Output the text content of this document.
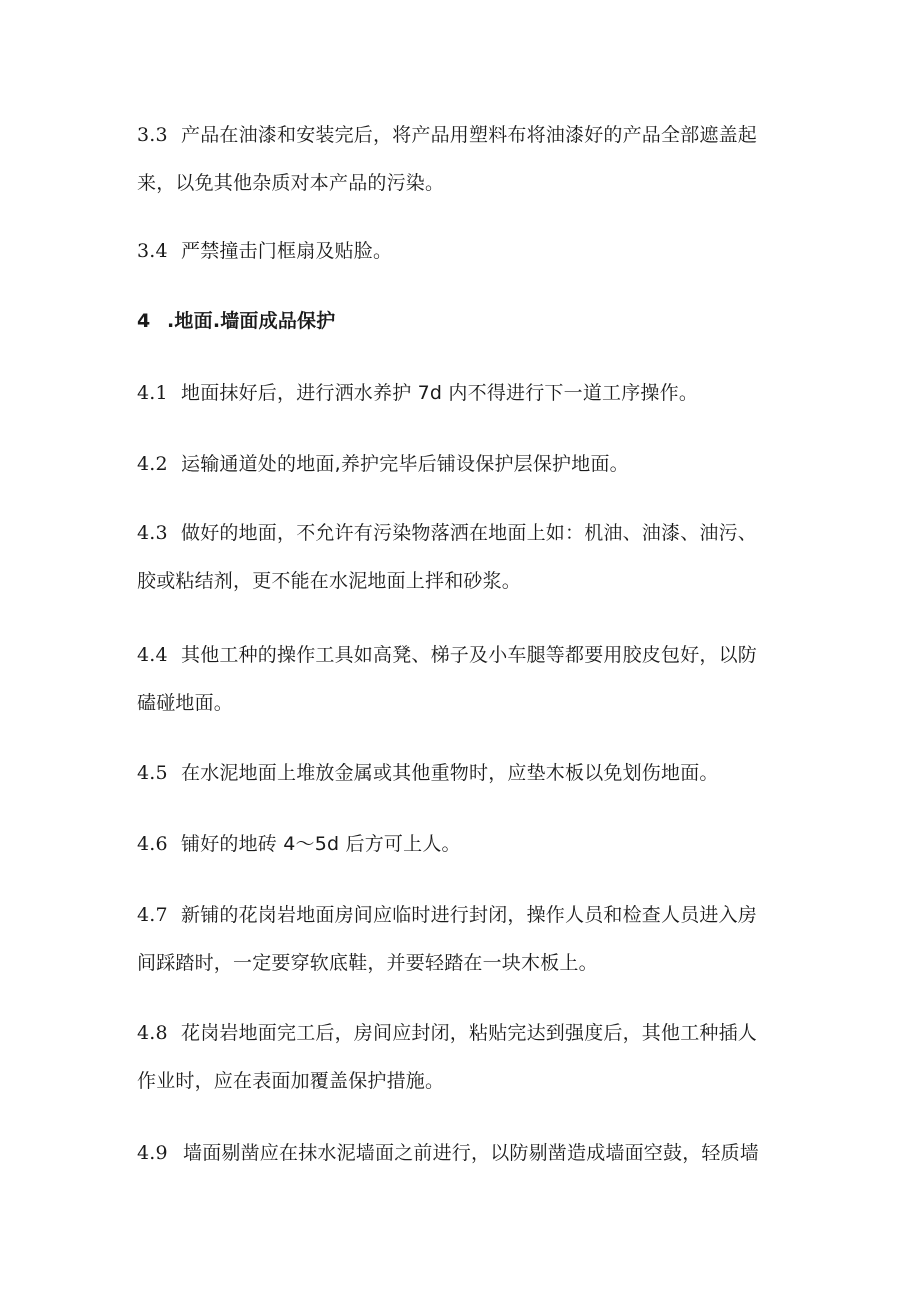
3.3 产品在油漆和安装完后，将产品用塑料布将油漆好的产品全部遮盖起
来，以免其他杂质对本产品的污染。
3.4 严禁撞击门框扇及贴脸。
4 .地面.墙面成品保护
4.1 地面抹好后，进行洒水养护 7d 内不得进行下一道工序操作。
4.2 运输通道处的地面,养护完毕后铺设保护层保护地面。
4.3 做好的地面，不允许有污染物落洒在地面上如：机油、油漆、油污、
胶或粘结剂，更不能在水泥地面上拌和砂浆。
4.4 其他工种的操作工具如高凳、梯子及小车腿等都要用胶皮包好，以防
磕碰地面。
4.5 在水泥地面上堆放金属或其他重物时，应垫木板以免划伤地面。
4.6 铺好的地砖 4～5d 后方可上人。
4.7 新铺的花岗岩地面房间应临时进行封闭，操作人员和检查人员进入房
间踩踏时，一定要穿软底鞋，并要轻踏在一块木板上。
4.8 花岗岩地面完工后，房间应封闭，粘贴完达到强度后，其他工种插人
作业时，应在表面加覆盖保护措施。
4.9 墙面剔凿应在抹水泥墙面之前进行，以防剔凿造成墙面空鼓，轻质墙
